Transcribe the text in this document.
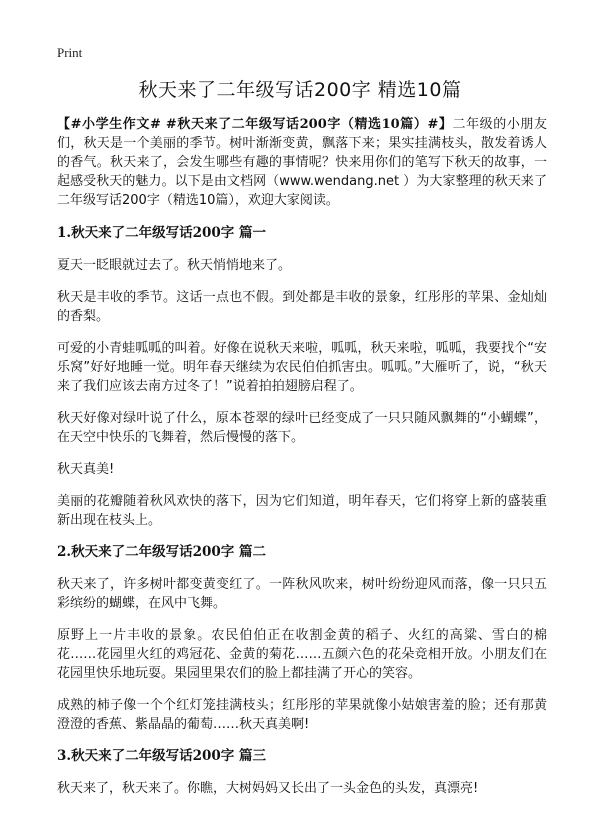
Print
秋天来了二年级写话200字 精选10篇

【#小学生作文# #秋天来了二年级写话200字（精选10篇）#】二年级的小朋友们，秋天是一个美丽的季节。树叶渐渐变黄，飘落下来；果实挂满枝头，散发着诱人的香气。秋天来了，会发生哪些有趣的事情呢？快来用你们的笔写下秋天的故事，一起感受秋天的魅力。以下是由文档网（www.wendang.net ）为大家整理的秋天来了二年级写话200字（精选10篇），欢迎大家阅读。

1.秋天来了二年级写话200字 篇一

夏天一眨眼就过去了。秋天悄悄地来了。

秋天是丰收的季节。这话一点也不假。到处都是丰收的景象，红彤彤的苹果、金灿灿的香梨。

可爱的小青蛙呱呱的叫着。好像在说秋天来啦，呱呱，秋天来啦，呱呱，我要找个“安乐窝”好好地睡一觉。明年春天继续为农民伯伯抓害虫。呱呱。”大雁听了，说，“秋天来了我们应该去南方过冬了！”说着拍拍翅膀启程了。

秋天好像对绿叶说了什么，原本苍翠的绿叶已经变成了一只只随风飘舞的“小蝴蝶”，在天空中快乐的飞舞着，然后慢慢的落下。

秋天真美!

美丽的花瓣随着秋风欢快的落下，因为它们知道，明年春天，它们将穿上新的盛装重新出现在枝头上。

2.秋天来了二年级写话200字 篇二

秋天来了，许多树叶都变黄变红了。一阵秋风吹来，树叶纷纷迎风而落，像一只只五彩缤纷的蝴蝶，在风中飞舞。

原野上一片丰收的景象。农民伯伯正在收割金黄的稻子、火红的高粱、雪白的棉花……花园里火红的鸡冠花、金黄的菊花……五颜六色的花朵竞相开放。小朋友们在花园里快乐地玩耍。果园里果农们的脸上都挂满了开心的笑容。

成熟的柿子像一个个红灯笼挂满枝头；红彤彤的苹果就像小姑娘害羞的脸；还有那黄澄澄的香蕉、紫晶晶的葡萄……秋天真美啊!

3.秋天来了二年级写话200字 篇三

秋天来了，秋天来了。你瞧，大树妈妈又长出了一头金色的头发，真漂亮!
